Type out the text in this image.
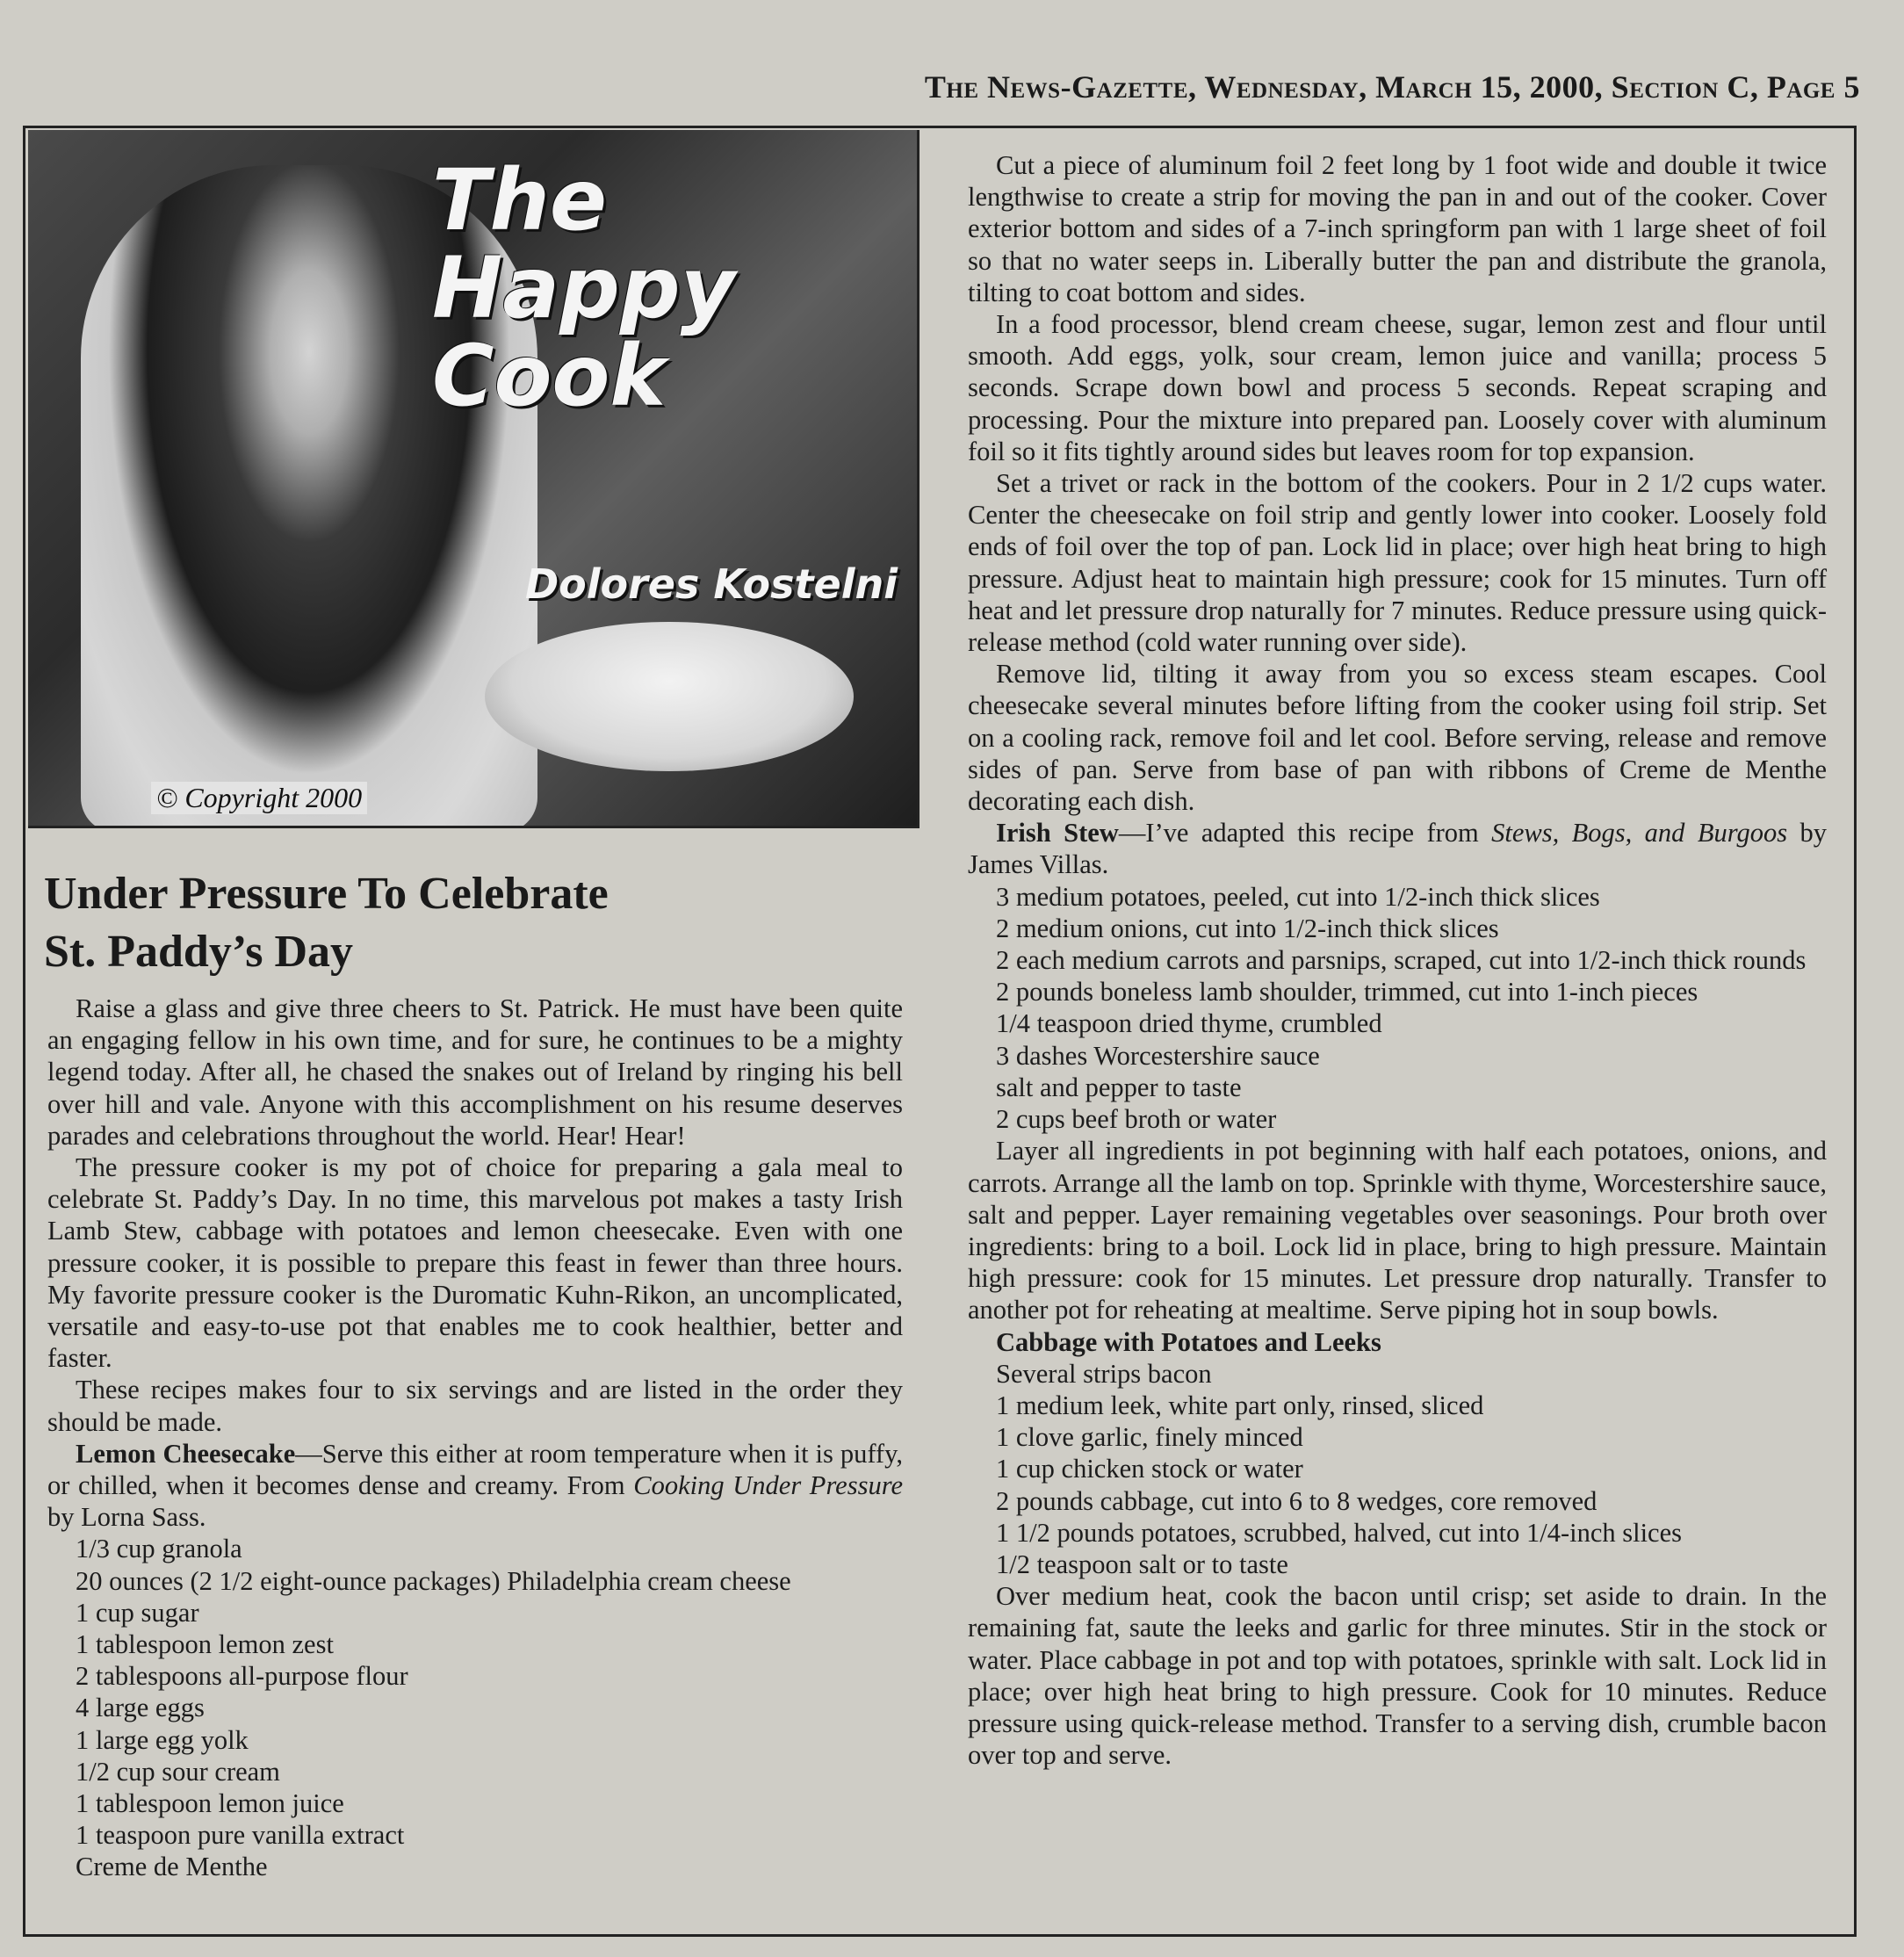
The News-Gazette, Wednesday, March 15, 2000, Section C, Page 5
The
Happy
Cook
Dolores Kostelni
© Copyright 2000
Under Pressure To Celebrate
St. Paddy’s Day

Raise a glass and give three cheers to St. Patrick. He must have been quite an engaging fellow in his own time, and for sure, he continues to be a mighty legend today. After all, he chased the snakes out of Ireland by ringing his bell over hill and vale. Anyone with this accomplishment on his resume deserves parades and celebrations throughout the world. Hear! Hear!

The pressure cooker is my pot of choice for preparing a gala meal to celebrate St. Paddy’s Day. In no time, this marvelous pot makes a tasty Irish Lamb Stew, cabbage with potatoes and lemon cheesecake. Even with one pressure cooker, it is possible to prepare this feast in fewer than three hours. My favorite pressure cooker is the Duromatic Kuhn-Rikon, an uncomplicated, versatile and easy-to-use pot that enables me to cook healthier, better and faster.

These recipes makes four to six servings and are listed in the order they should be made.

Lemon Cheesecake—Serve this either at room temperature when it is puffy, or chilled, when it becomes dense and creamy. From Cooking Under Pressure by Lorna Sass.

1/3 cup granola
20 ounces (2 1/2 eight-ounce packages) Philadelphia cream cheese
1 cup sugar
1 tablespoon lemon zest
2 tablespoons all-purpose flour
4 large eggs
1 large egg yolk
1/2 cup sour cream
1 tablespoon lemon juice
1 teaspoon pure vanilla extract
Creme de Menthe

Cut a piece of aluminum foil 2 feet long by 1 foot wide and double it twice lengthwise to create a strip for moving the pan in and out of the cooker. Cover exterior bottom and sides of a 7-inch springform pan with 1 large sheet of foil so that no water seeps in. Liberally butter the pan and distribute the granola, tilting to coat bottom and sides.

In a food processor, blend cream cheese, sugar, lemon zest and flour until smooth. Add eggs, yolk, sour cream, lemon juice and vanilla; process 5 seconds. Scrape down bowl and process 5 seconds. Repeat scraping and processing. Pour the mixture into prepared pan. Loosely cover with aluminum foil so it fits tightly around sides but leaves room for top expansion.

Set a trivet or rack in the bottom of the cookers. Pour in 2 1/2 cups water. Center the cheesecake on foil strip and gently lower into cooker. Loosely fold ends of foil over the top of pan. Lock lid in place; over high heat bring to high pressure. Adjust heat to maintain high pressure; cook for 15 minutes. Turn off heat and let pressure drop naturally for 7 minutes. Reduce pressure using quick-release method (cold water running over side).

Remove lid, tilting it away from you so excess steam escapes. Cool cheesecake several minutes before lifting from the cooker using foil strip. Set on a cooling rack, remove foil and let cool. Before serving, release and remove sides of pan. Serve from base of pan with ribbons of Creme de Menthe decorating each dish.

Irish Stew—I’ve adapted this recipe from Stews, Bogs, and Burgoos by James Villas.

3 medium potatoes, peeled, cut into 1/2-inch thick slices
2 medium onions, cut into 1/2-inch thick slices
2 each medium carrots and parsnips, scraped, cut into 1/2-inch thick rounds
2 pounds boneless lamb shoulder, trimmed, cut into 1-inch pieces
1/4 teaspoon dried thyme, crumbled
3 dashes Worcestershire sauce
salt and pepper to taste
2 cups beef broth or water

Layer all ingredients in pot beginning with half each potatoes, onions, and carrots. Arrange all the lamb on top. Sprinkle with thyme, Worcestershire sauce, salt and pepper. Layer remaining vegetables over seasonings. Pour broth over ingredients: bring to a boil. Lock lid in place, bring to high pressure. Maintain high pressure: cook for 15 minutes. Let pressure drop naturally. Transfer to another pot for reheating at mealtime. Serve piping hot in soup bowls.

Cabbage with Potatoes and Leeks

Several strips bacon
1 medium leek, white part only, rinsed, sliced
1 clove garlic, finely minced
1 cup chicken stock or water
2 pounds cabbage, cut into 6 to 8 wedges, core removed
1 1/2 pounds potatoes, scrubbed, halved, cut into 1/4-inch slices
1/2 teaspoon salt or to taste

Over medium heat, cook the bacon until crisp; set aside to drain. In the remaining fat, saute the leeks and garlic for three minutes. Stir in the stock or water. Place cabbage in pot and top with potatoes, sprinkle with salt. Lock lid in place; over high heat bring to high pressure. Cook for 10 minutes. Reduce pressure using quick-release method. Transfer to a serving dish, crumble bacon over top and serve.
